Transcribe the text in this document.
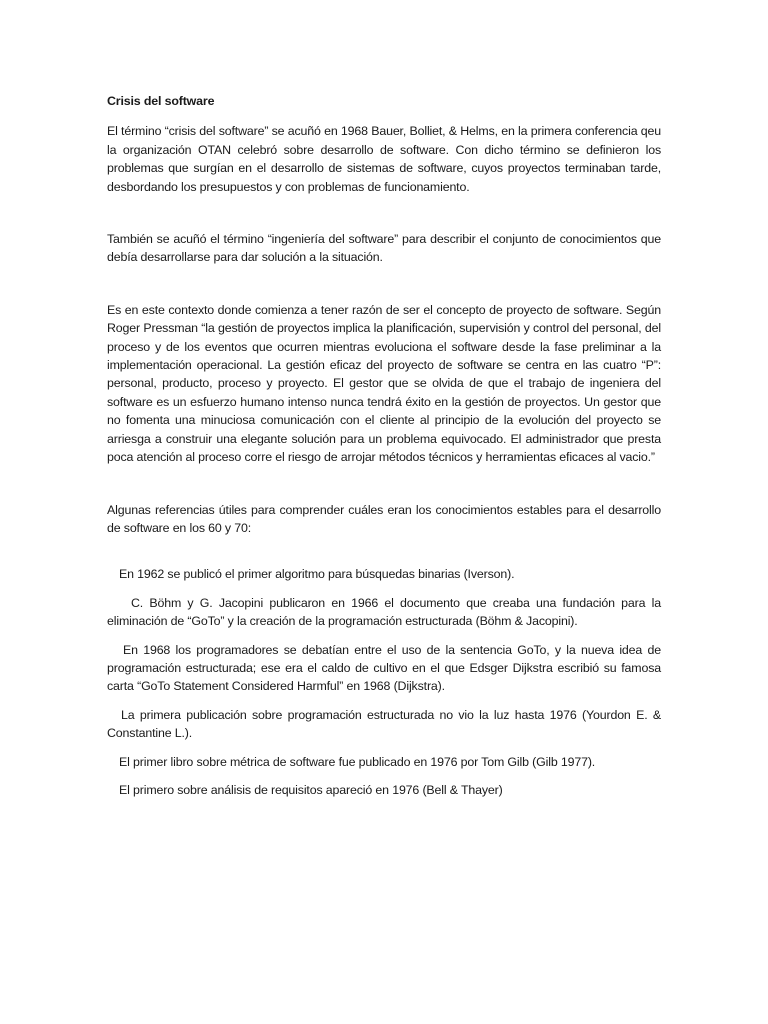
Crisis del software

El término “crisis del software” se acuñó en 1968 Bauer, Bolliet, & Helms, en la primera conferencia qeu la organización OTAN celebró sobre desarrollo de software. Con dicho término se definieron los problemas que surgían en el desarrollo de sistemas de software, cuyos proyectos terminaban tarde, desbordando los presupuestos y con problemas de funcionamiento.

También se acuñó el término “ingeniería del software” para describir el conjunto de conocimientos que debía desarrollarse para dar solución a la situación.

Es en este contexto donde comienza a tener razón de ser el concepto de proyecto de software. Según Roger Pressman “la gestión de proyectos implica la planificación, supervisión y control del personal, del proceso y de los eventos que ocurren mientras evoluciona el software desde la fase preliminar a la implementación operacional. La gestión eficaz del proyecto de software se centra en las cuatro “P”: personal, producto, proceso y proyecto. El gestor que se olvida de que el trabajo de ingeniera del software es un esfuerzo humano intenso nunca tendrá éxito en la gestión de proyectos. Un gestor que no fomenta una minuciosa comunicación con el cliente al principio de la evolución del proyecto se arriesga a construir una elegante solución para un problema equivocado. El administrador que presta poca atención al proceso corre el riesgo de arrojar métodos técnicos y herramientas eficaces al vacio.”

Algunas referencias útiles para comprender cuáles eran los conocimientos estables para el desarrollo de software en los 60 y 70:

En 1962 se publicó el primer algoritmo para búsquedas binarias (Iverson).

C. Böhm y G. Jacopini publicaron en 1966 el documento que creaba una fundación para la eliminación de “GoTo” y la creación de la programación estructurada (Böhm & Jacopini).

En 1968 los programadores se debatían entre el uso de la sentencia GoTo, y la nueva idea de programación estructurada; ese era el caldo de cultivo en el que Edsger Dijkstra escribió su famosa carta “GoTo Statement Considered Harmful” en 1968 (Dijkstra).

La primera publicación sobre programación estructurada no vio la luz hasta 1976 (Yourdon E. & Constantine L.).

El primer libro sobre métrica de software fue publicado en 1976 por Tom Gilb (Gilb 1977).

El primero sobre análisis de requisitos apareció en 1976 (Bell & Thayer)
